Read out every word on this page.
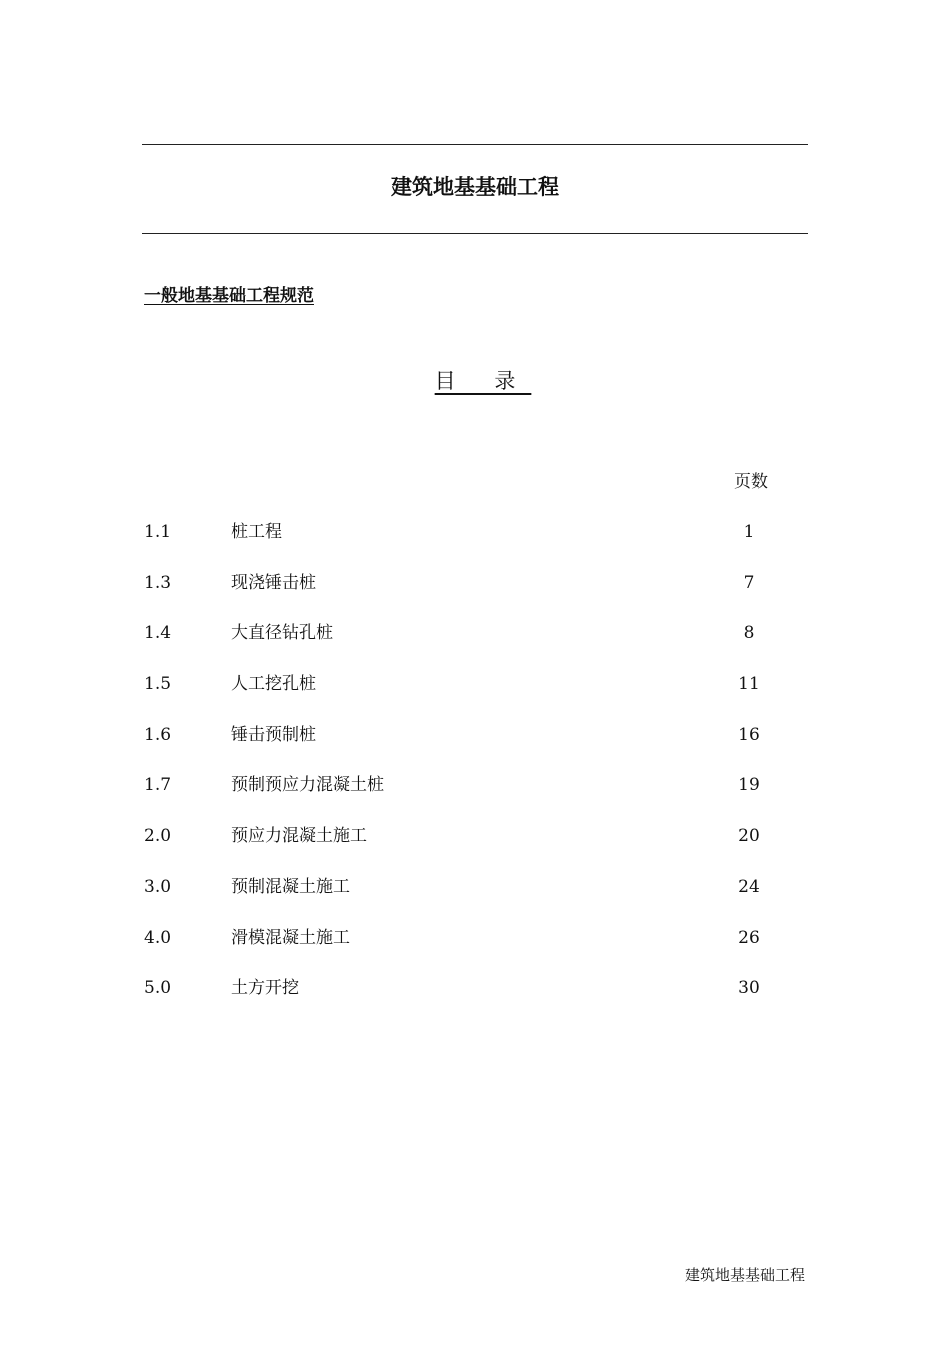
建筑地基基础工程
一般地基基础工程规范
目 录
页数
1.1	桩工程	1
1.3	现浇锤击桩	7
1.4	大直径钻孔桩	8
1.5	人工挖孔桩	11
1.6	锤击预制桩	16
1.7	预制预应力混凝土桩	19
2.0	预应力混凝土施工	20
3.0	预制混凝土施工	24
4.0	滑模混凝土施工	26
5.0	土方开挖	30
建筑地基基础工程
